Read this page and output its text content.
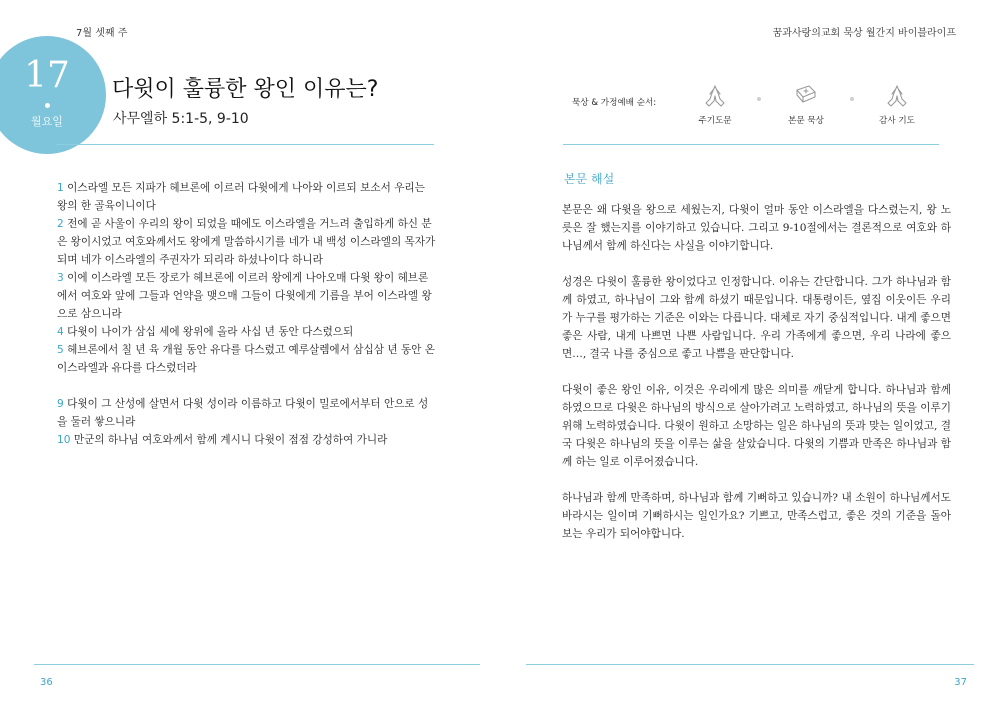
7월 셋째 주
17
월요일
다윗이 훌륭한 왕인 이유는?
사무엘하 5:1-5, 9-10
1 이스라엘 모든 지파가 헤브론에 이르러 다윗에게 나아와 이르되 보소서 우리는 왕의 한 골육이니이다
2 전에 곧 사울이 우리의 왕이 되었을 때에도 이스라엘을 거느려 출입하게 하신 분은 왕이시었고 여호와께서도 왕에게 말씀하시기를 네가 내 백성 이스라엘의 목자가 되며 네가 이스라엘의 주권자가 되리라 하셨나이다 하니라
3 이에 이스라엘 모든 장로가 헤브론에 이르러 왕에게 나아오매 다윗 왕이 헤브론에서 여호와 앞에 그들과 언약을 맺으매 그들이 다윗에게 기름을 부어 이스라엘 왕으로 삼으니라
4 다윗이 나이가 삼십 세에 왕위에 올라 사십 년 동안 다스렸으되
5 헤브론에서 칠 년 육 개월 동안 유다를 다스렸고 예루살렘에서 삼십삼 년 동안 온 이스라엘과 유다를 다스렸더라
9 다윗이 그 산성에 살면서 다윗 성이라 이름하고 다윗이 밀로에서부터 안으로 성을 둘러 쌓으니라
10 만군의 하나님 여호와께서 함께 계시니 다윗이 점점 강성하여 가니라
36
꿈과사랑의교회 묵상 월간지 바이블라이프
묵상 & 가정예배 순서:
주기도문	본문 묵상	감사 기도
본문 해설

본문은 왜 다윗을 왕으로 세웠는지, 다윗이 얼마 동안 이스라엘을 다스렸는지, 왕 노릇은 잘 했는지를 이야기하고 있습니다. 그리고 9-10절에서는 결론적으로 여호와 하나님께서 함께 하신다는 사실을 이야기합니다.

성경은 다윗이 훌륭한 왕이었다고 인정합니다. 이유는 간단합니다. 그가 하나님과 함께 하였고, 하나님이 그와 함께 하셨기 때문입니다. 대통령이든, 옆집 이웃이든 우리가 누구를 평가하는 기준은 이와는 다릅니다. 대체로 자기 중심적입니다. 내게 좋으면 좋은 사람, 내게 나쁘면 나쁜 사람입니다. 우리 가족에게 좋으면, 우리 나라에 좋으면…, 결국 나를 중심으로 좋고 나쁨을 판단합니다.

다윗이 좋은 왕인 이유, 이것은 우리에게 많은 의미를 깨닫게 합니다. 하나님과 함께 하였으므로 다윗은 하나님의 방식으로 살아가려고 노력하였고, 하나님의 뜻을 이루기 위해 노력하였습니다. 다윗이 원하고 소망하는 일은 하나님의 뜻과 맞는 일이었고, 결국 다윗은 하나님의 뜻을 이루는 삶을 살았습니다. 다윗의 기쁨과 만족은 하나님과 함께 하는 일로 이루어졌습니다.

하나님과 함께 만족하며, 하나님과 함께 기뻐하고 있습니까? 내 소원이 하나님께서도 바라시는 일이며 기뻐하시는 일인가요? 기쁘고, 만족스럽고, 좋은 것의 기준을 돌아보는 우리가 되어야합니다.

37
